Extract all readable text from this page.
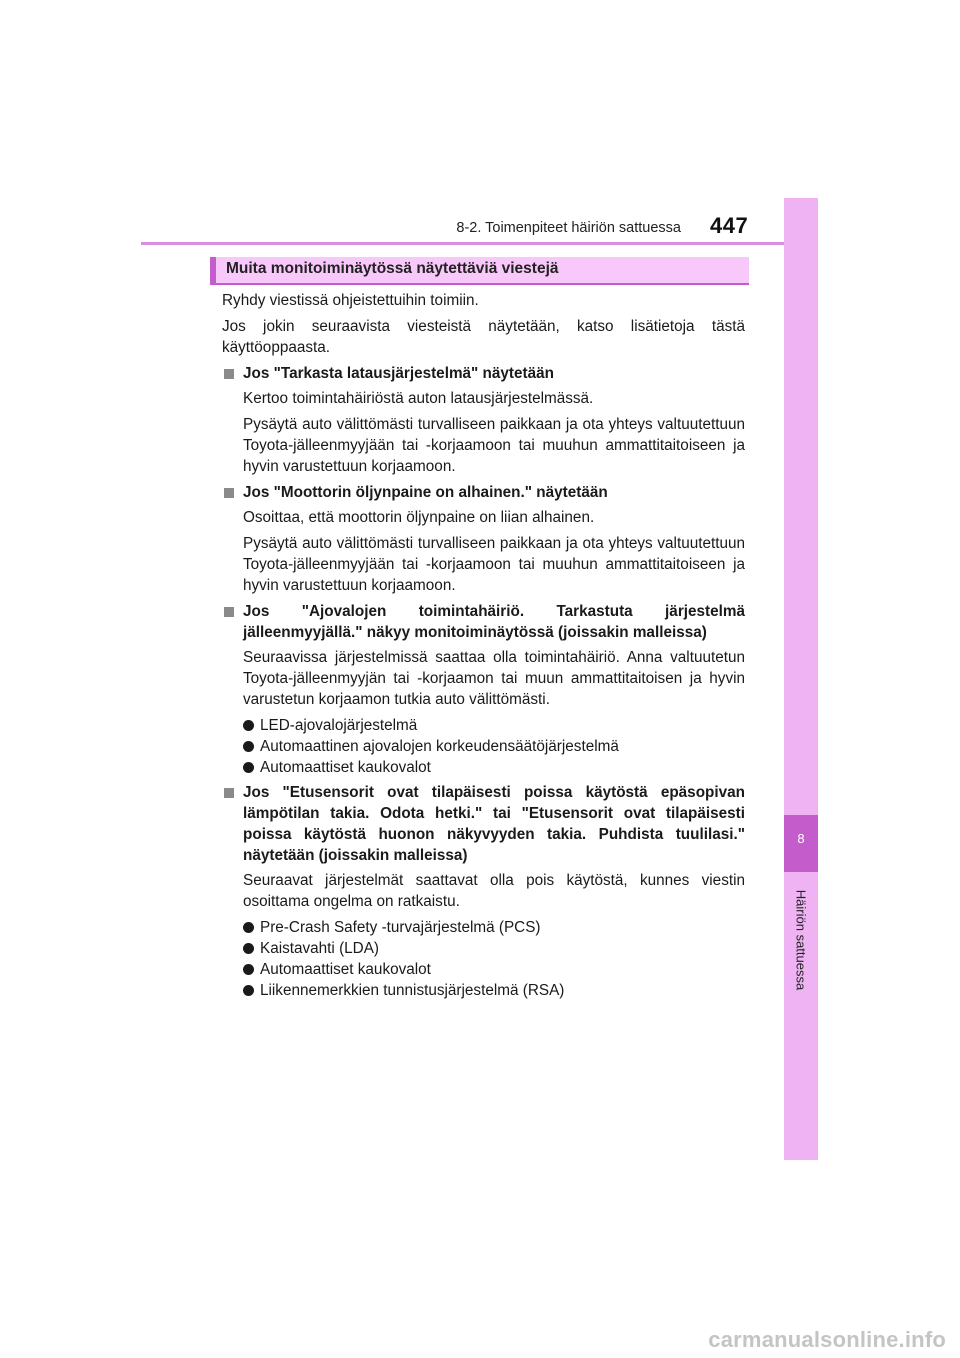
8-2. Toimenpiteet häiriön sattuessa 447
8
Häiriön sattuessa
Muita monitoiminäytössä näytettäviä viestejä

Ryhdy viestissä ohjeistettuihin toimiin.

Jos jokin seuraavista viesteistä näytetään, katso lisätietoja tästä käyttöoppaasta.

Jos "Tarkasta latausjärjestelmä" näytetään

Kertoo toimintahäiriöstä auton latausjärjestelmässä.

Pysäytä auto välittömästi turvalliseen paikkaan ja ota yhteys valtuutettuun Toyota-jälleenmyyjään tai -korjaamoon tai muuhun ammattitaitoiseen ja hyvin varustettuun korjaamoon.

Jos "Moottorin öljynpaine on alhainen." näytetään

Osoittaa, että moottorin öljynpaine on liian alhainen.

Pysäytä auto välittömästi turvalliseen paikkaan ja ota yhteys valtuutettuun Toyota-jälleenmyyjään tai -korjaamoon tai muuhun ammattitaitoiseen ja hyvin varustettuun korjaamoon.

Jos "Ajovalojen toimintahäiriö. Tarkastuta järjestelmä jälleenmyyjällä." näkyy monitoiminäytössä (joissakin malleissa)

Seuraavissa järjestelmissä saattaa olla toimintahäiriö. Anna valtuutetun Toyota-jälleenmyyjän tai -korjaamon tai muun ammattitaitoisen ja hyvin varustetun korjaamon tutkia auto välittömästi.

LED-ajovalojärjestelmä
Automaattinen ajovalojen korkeudensäätöjärjestelmä
Automaattiset kaukovalot
Jos "Etusensorit ovat tilapäisesti poissa käytöstä epäsopivan lämpötilan takia. Odota hetki." tai "Etusensorit ovat tilapäisesti poissa käytöstä huonon näkyvyyden takia. Puhdista tuulilasi." näytetään (joissakin malleissa)

Seuraavat järjestelmät saattavat olla pois käytöstä, kunnes viestin osoittama ongelma on ratkaistu.

Pre-Crash Safety -turvajärjestelmä (PCS)
Kaistavahti (LDA)
Automaattiset kaukovalot
Liikennemerkkien tunnistusjärjestelmä (RSA)
carmanualsonline.info
